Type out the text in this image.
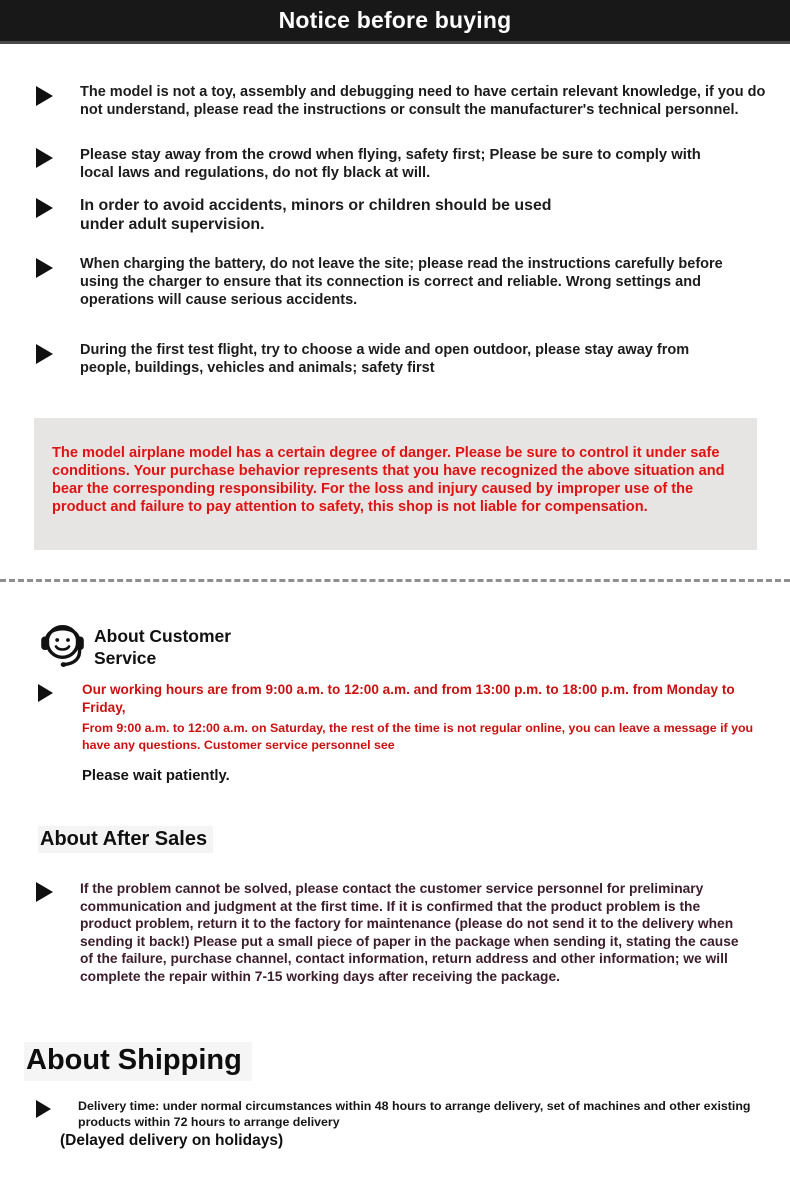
Notice before buying

The model is not a toy, assembly and debugging need to have certain relevant knowledge, if you do not understand, please read the instructions or consult the manufacturer's technical personnel.

Please stay away from the crowd when flying, safety first; Please be sure to comply with local laws and regulations, do not fly black at will.

In order to avoid accidents, minors or children should be used under adult supervision.

When charging the battery, do not leave the site; please read the instructions carefully before using the charger to ensure that its connection is correct and reliable. Wrong settings and operations will cause serious accidents.

During the first test flight, try to choose a wide and open outdoor, please stay away from people, buildings, vehicles and animals; safety first

The model airplane model has a certain degree of danger. Please be sure to control it under safe conditions. Your purchase behavior represents that you have recognized the above situation and bear the corresponding responsibility. For the loss and injury caused by improper use of the product and failure to pay attention to safety, this shop is not liable for compensation.

About Customer Service

Our working hours are from 9:00 a.m. to 12:00 a.m. and from 13:00 p.m. to 18:00 p.m. from Monday to Friday,

From 9:00 a.m. to 12:00 a.m. on Saturday, the rest of the time is not regular online, you can leave a message if you have any questions. Customer service personnel see

Please wait patiently.

About After Sales

If the problem cannot be solved, please contact the customer service personnel for preliminary communication and judgment at the first time. If it is confirmed that the product problem is the product problem, return it to the factory for maintenance (please do not send it to the delivery when sending it back!) Please put a small piece of paper in the package when sending it, stating the cause of the failure, purchase channel, contact information, return address and other information; we will complete the repair within 7-15 working days after receiving the package.

About Shipping

Delivery time: under normal circumstances within 48 hours to arrange delivery, set of machines and other existing products within 72 hours to arrange delivery

(Delayed delivery on holidays)
